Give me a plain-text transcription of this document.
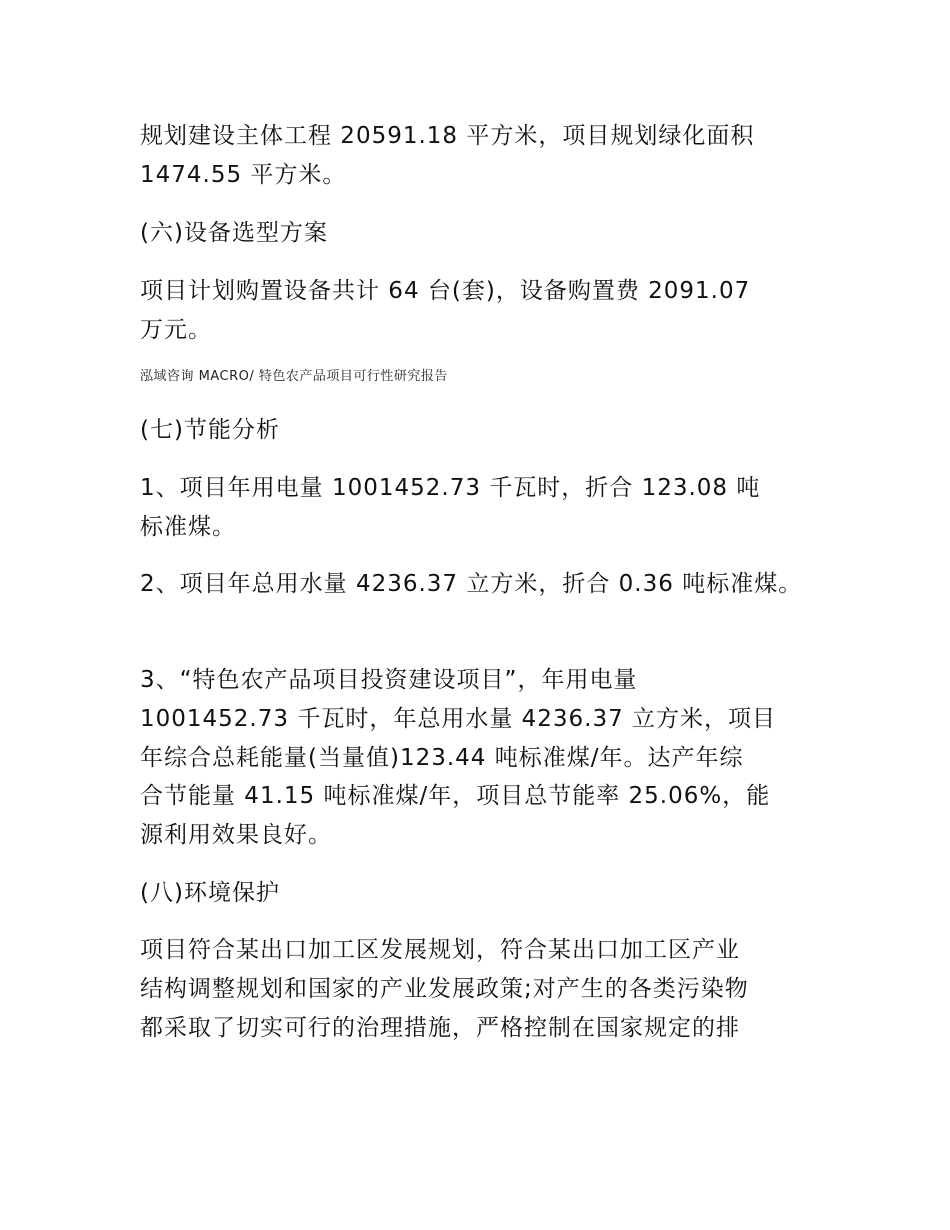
规划建设主体工程 20591.18 平方米，项目规划绿化面积
1474.55 平方米。
(六)设备选型方案
项目计划购置设备共计 64 台(套)，设备购置费 2091.07
万元。
泓域咨询 MACRO/ 特色农产品项目可行性研究报告
(七)节能分析
1、项目年用电量 1001452.73 千瓦时，折合 123.08 吨
标准煤。
2、项目年总用水量 4236.37 立方米，折合 0.36 吨标准煤。
3、“特色农产品项目投资建设项目”，年用电量
1001452.73 千瓦时，年总用水量 4236.37 立方米，项目
年综合总耗能量(当量值)123.44 吨标准煤/年。达产年综
合节能量 41.15 吨标准煤/年，项目总节能率 25.06%，能
源利用效果良好。
(八)环境保护
项目符合某出口加工区发展规划，符合某出口加工区产业
结构调整规划和国家的产业发展政策;对产生的各类污染物
都采取了切实可行的治理措施，严格控制在国家规定的排
